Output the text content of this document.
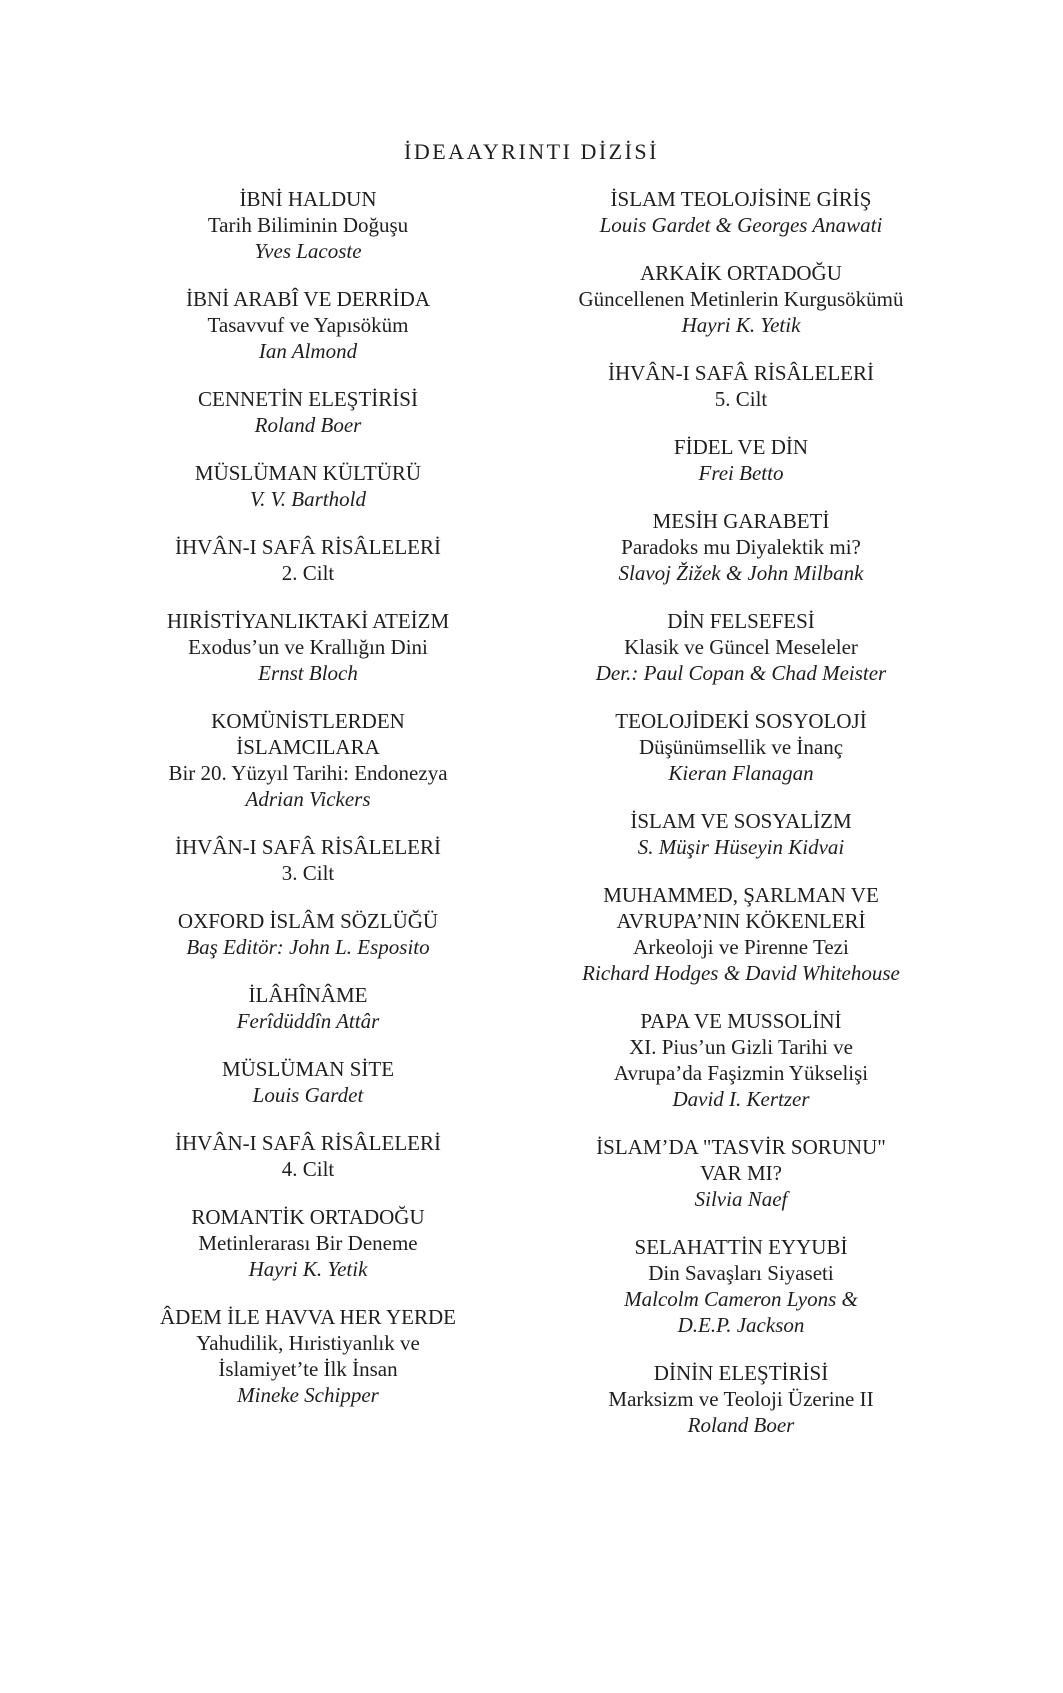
İDEAAYRINTI DİZİSİ
İBNİ HALDUN
Tarih Biliminin Doğuşu
Yves Lacoste
İBNİ ARABÎ VE DERRİDA
Tasavvuf ve Yapısöküm
Ian Almond
CENNETİN ELEŞTİRİSİ
Roland Boer
MÜSLÜMAN KÜLTÜRÜ
V. V. Barthold
İHVÂN-I SAFÂ RİSÂLELERİ
2. Cilt
HIRİSTİYANLIKTAKİ ATEİZM
Exodus’un ve Krallığın Dini
Ernst Bloch
KOMÜNİSTLERDEN
İSLAMCILARA
Bir 20. Yüzyıl Tarihi: Endonezya
Adrian Vickers
İHVÂN-I SAFÂ RİSÂLELERİ
3. Cilt
OXFORD İSLÂM SÖZLÜĞÜ
Baş Editör: John L. Esposito
İLÂHÎNÂME
Ferîdüddîn Attâr
MÜSLÜMAN SİTE
Louis Gardet
İHVÂN-I SAFÂ RİSÂLELERİ
4. Cilt
ROMANTİK ORTADOĞU
Metinlerarası Bir Deneme
Hayri K. Yetik
ÂDEM İLE HAVVA HER YERDE
Yahudilik, Hıristiyanlık ve
İslamiyet’te İlk İnsan
Mineke Schipper
İSLAM TEOLOJİSİNE GİRİŞ
Louis Gardet & Georges Anawati
ARKAİK ORTADOĞU
Güncellenen Metinlerin Kurgusökümü
Hayri K. Yetik
İHVÂN-I SAFÂ RİSÂLELERİ
5. Cilt
FİDEL VE DİN
Frei Betto
MESİH GARABETİ
Paradoks mu Diyalektik mi?
Slavoj Žižek & John Milbank
DİN FELSEFESİ
Klasik ve Güncel Meseleler
Der.: Paul Copan & Chad Meister
TEOLOJİDEKİ SOSYOLOJİ
Düşünümsellik ve İnanç
Kieran Flanagan
İSLAM VE SOSYALİZM
S. Müşir Hüseyin Kidvai
MUHAMMED, ŞARLMAN VE
AVRUPA’NIN KÖKENLERİ
Arkeoloji ve Pirenne Tezi
Richard Hodges & David Whitehouse
PAPA VE MUSSOLİNİ
XI. Pius’un Gizli Tarihi ve
Avrupa’da Faşizmin Yükselişi
David I. Kertzer
İSLAM’DA "TASVİR SORUNU"
VAR MI?
Silvia Naef
SELAHATTİN EYYUBİ
Din Savaşları Siyaseti
Malcolm Cameron Lyons &
D.E.P. Jackson
DİNİN ELEŞTİRİSİ
Marksizm ve Teoloji Üzerine II
Roland Boer
